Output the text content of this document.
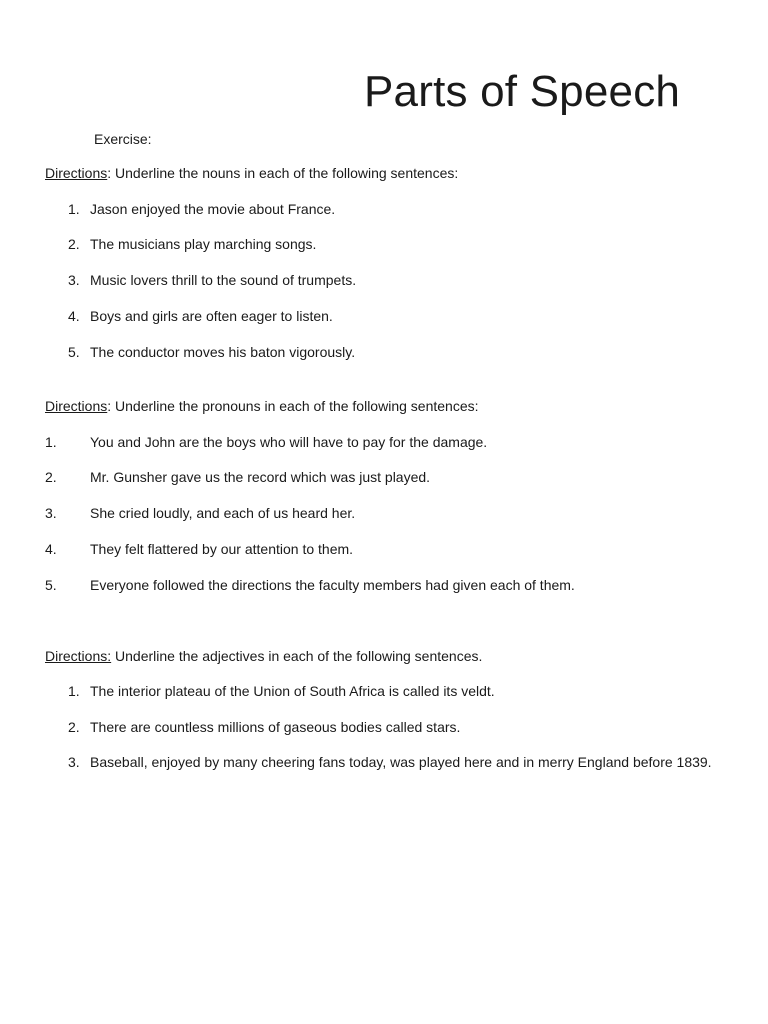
Parts of Speech
Exercise:
Directions: Underline the nouns in each of the following sentences:
1. Jason enjoyed the movie about France.
2. The musicians play marching songs.
3. Music lovers thrill to the sound of trumpets.
4. Boys and girls are often eager to listen.
5. The conductor moves his baton vigorously.
Directions: Underline the pronouns in each of the following sentences:
1. You and John are the boys who will have to pay for the damage.
2. Mr. Gunsher gave us the record which was just played.
3. She cried loudly, and each of us heard her.
4. They felt flattered by our attention to them.
5. Everyone followed the directions the faculty members had given each of them.
Directions: Underline the adjectives in each of the following sentences.
1. The interior plateau of the Union of South Africa is called its veldt.
2. There are countless millions of gaseous bodies called stars.
3. Baseball, enjoyed by many cheering fans today, was played here and in merry England before 1839.
